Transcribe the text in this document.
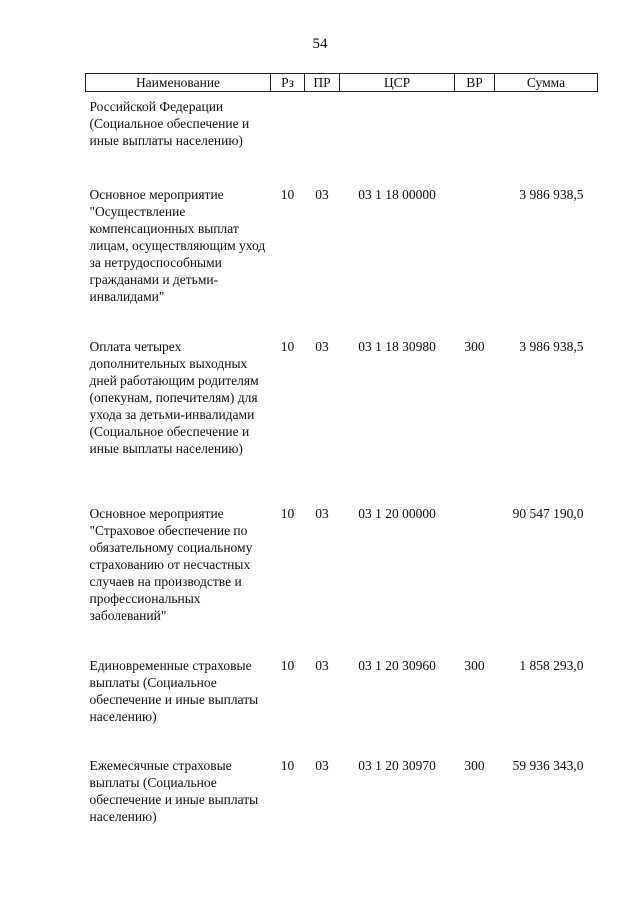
54
Наименование	Рз	ПР	ЦСР	ВР	Сумма
Российской Федерации (Социальное обеспечение и иные выплаты населению)					
Основное мероприятие "Осуществление компенсационных выплат лицам, осуществляющим уход за нетрудоспособными гражданами и детьми-инвалидами"	10	03	03 1 18 00000		3 986 938,5
Оплата четырех дополнительных выходных дней работающим родителям (опекунам, попечителям) для ухода за детьми-инвалидами (Социальное обеспечение и иные выплаты населению)	10	03	03 1 18 30980	300	3 986 938,5
Основное мероприятие "Страховое обеспечение по обязательному социальному страхованию от несчастных случаев на производстве и профессиональных заболеваний"	10	03	03 1 20 00000		90 547 190,0
Единовременные страховые выплаты (Социальное обеспечение и иные выплаты населению)	10	03	03 1 20 30960	300	1 858 293,0
Ежемесячные страховые выплаты (Социальное обеспечение и иные выплаты населению)	10	03	03 1 20 30970	300	59 936 343,0
